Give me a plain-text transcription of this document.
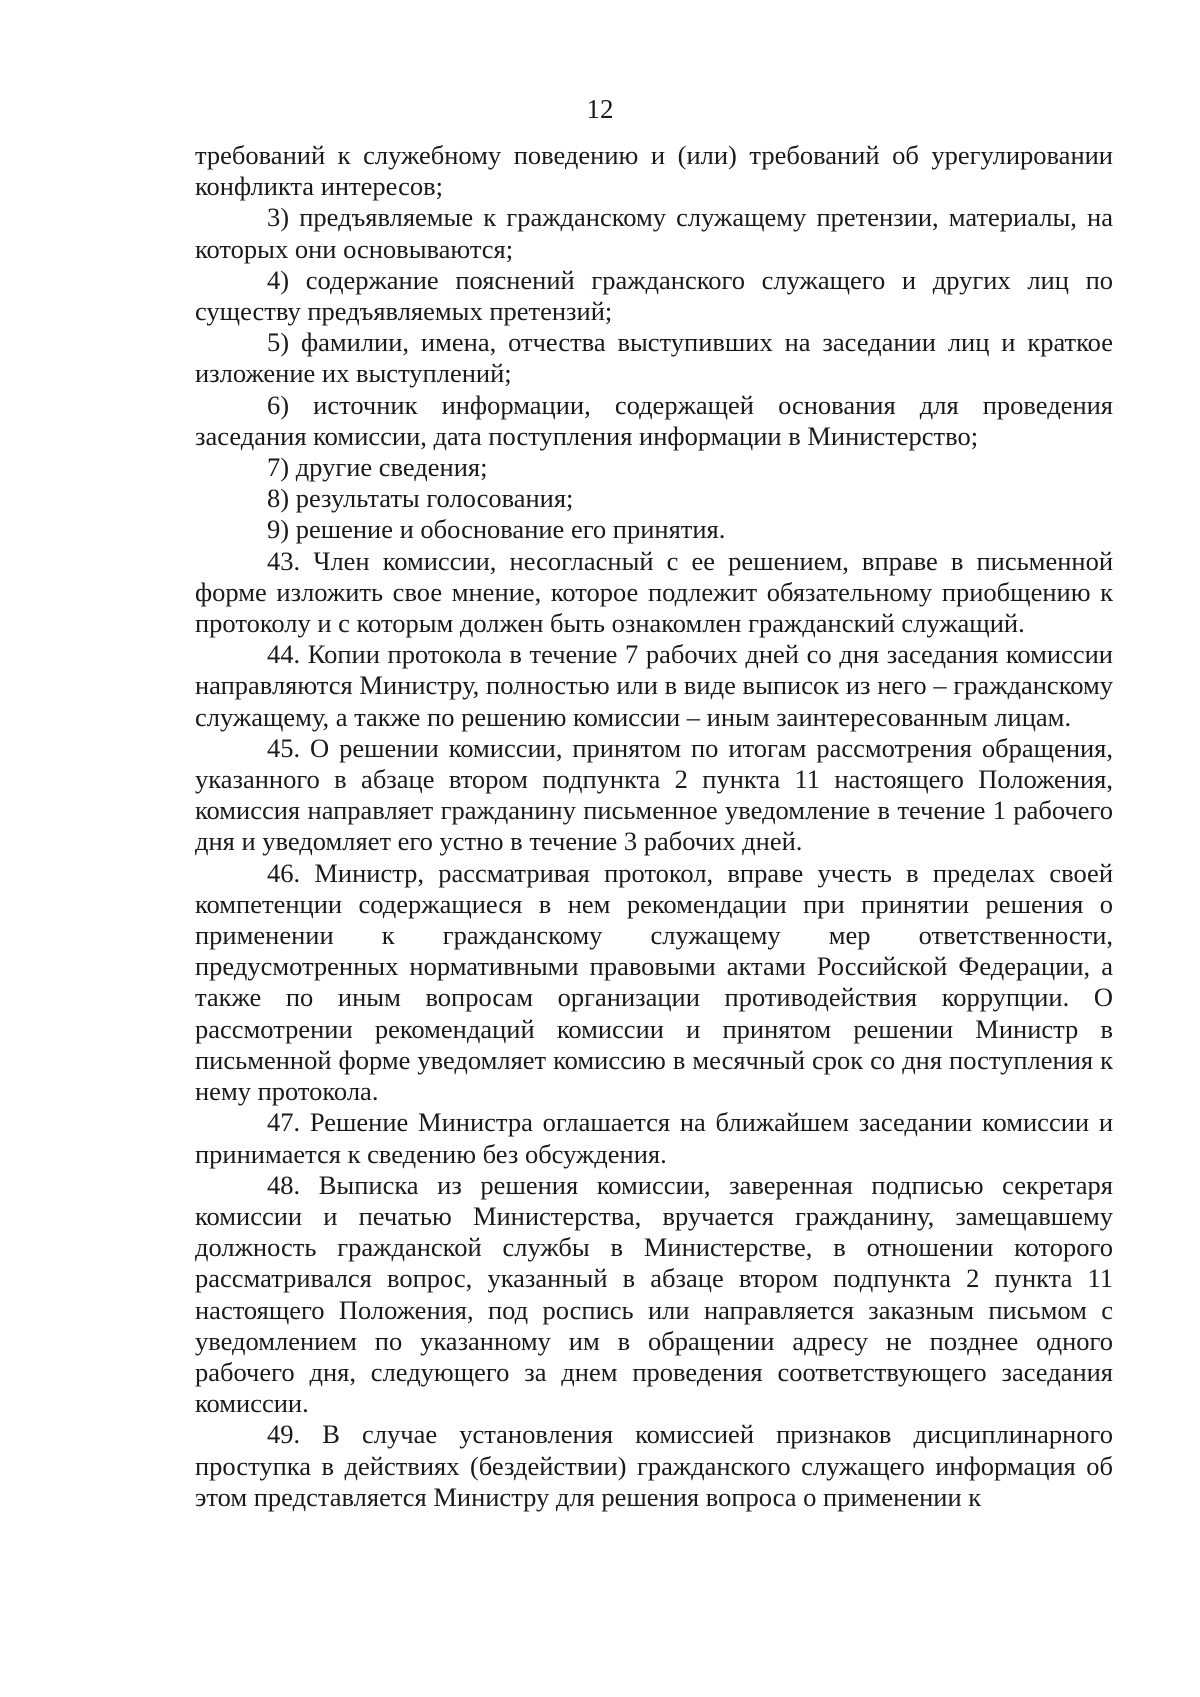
12

требований к служебному поведению и (или) требований об урегулировании конфликта интересов;

3) предъявляемые к гражданскому служащему претензии, материалы, на которых они основываются;

4) содержание пояснений гражданского служащего и других лиц по существу предъявляемых претензий;

5) фамилии, имена, отчества выступивших на заседании лиц и краткое изложение их выступлений;

6) источник информации, содержащей основания для проведения заседания комиссии, дата поступления информации в Министерство;

7) другие сведения;

8) результаты голосования;

9) решение и обоснование его принятия.

43. Член комиссии, несогласный с ее решением, вправе в письменной форме изложить свое мнение, которое подлежит обязательному приобщению к протоколу и с которым должен быть ознакомлен гражданский служащий.

44. Копии протокола в течение 7 рабочих дней со дня заседания комиссии направляются Министру, полностью или в виде выписок из него – гражданскому служащему, а также по решению комиссии – иным заинтересованным лицам.

45. О решении комиссии, принятом по итогам рассмотрения обращения, указанного в абзаце втором подпункта 2 пункта 11 настоящего Положения, комиссия направляет гражданину письменное уведомление в течение 1 рабочего дня и уведомляет его устно в течение 3 рабочих дней.

46. Министр, рассматривая протокол, вправе учесть в пределах своей компетенции содержащиеся в нем рекомендации при принятии решения о применении к гражданскому служащему мер ответственности, предусмотренных нормативными правовыми актами Российской Федерации, а также по иным вопросам организации противодействия коррупции. О рассмотрении рекомендаций комиссии и принятом решении Министр в письменной форме уведомляет комиссию в месячный срок со дня поступления к нему протокола.

47. Решение Министра оглашается на ближайшем заседании комиссии и принимается к сведению без обсуждения.

48. Выписка из решения комиссии, заверенная подписью секретаря комиссии и печатью Министерства, вручается гражданину, замещавшему должность гражданской службы в Министерстве, в отношении которого рассматривался вопрос, указанный в абзаце втором подпункта 2 пункта 11 настоящего Положения, под роспись или направляется заказным письмом с уведомлением по указанному им в обращении адресу не позднее одного рабочего дня, следующего за днем проведения соответствующего заседания комиссии.

49. В случае установления комиссией признаков дисциплинарного проступка в действиях (бездействии) гражданского служащего информация об этом представляется Министру для решения вопроса о применении к
